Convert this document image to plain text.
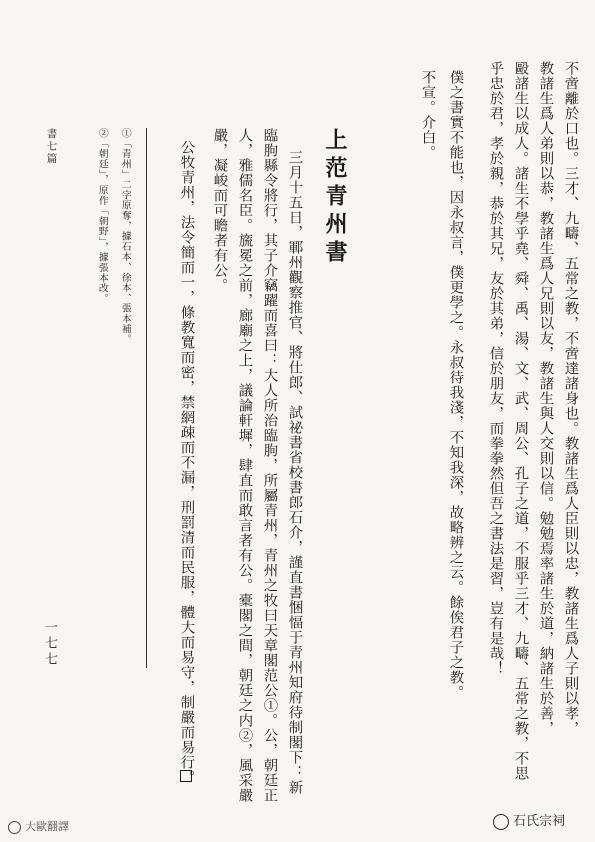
不啻離於口也。三才、九疇、五常之教，不啻達諸身也。教諸生爲人臣則以忠，教諸生爲人子則以孝，
教諸生爲人弟則以恭，教諸生爲人兄則以友，教諸生與人交則以信。勉勉焉率諸生於道，納諸生於善，
毆諸生以成人。諸生不學乎堯、舜、禹、湯、文、武、周公、孔子之道，不服乎三才、九疇、五常之教，不思
乎忠於君，孝於親，恭於其兄，友於其弟，信於朋友，而拳拳然但吾之書法是習，豈有是哉！
僕之書實不能也，因永叔言，僕更學之。永叔待我淺，不知我深，故略辨之云。餘俟君子之教。
不宣。介白。
上范青州書
三月十五日，鄆州觀察推官、將仕郎、試祕書省校書郎石介，謹直書悃愊于青州知府待制閣下：新
臨朐縣令將行，其子介竊躍而喜曰：大人所治臨朐，所屬青州，青州之牧曰天章閣范公①。公，朝廷正
人，雅儒名臣。旒冕之前，廊廟之上，議論軒墀，肆直而敢言者有公。橐閣之間，朝廷之内②，風采嚴
嚴，凝峻而可瞻者有公。
公牧青州，法令簡而一，條教寬而密，禁網疎而不漏，刑罰清而民服，體大而易守，制嚴而易行。
①「青州」二字原奪，據石本、徐本、張本補。
②「朝廷」，原作「朝野」，據張本改。
書七篇
一七七
大歐翻譯	石氏宗祠
